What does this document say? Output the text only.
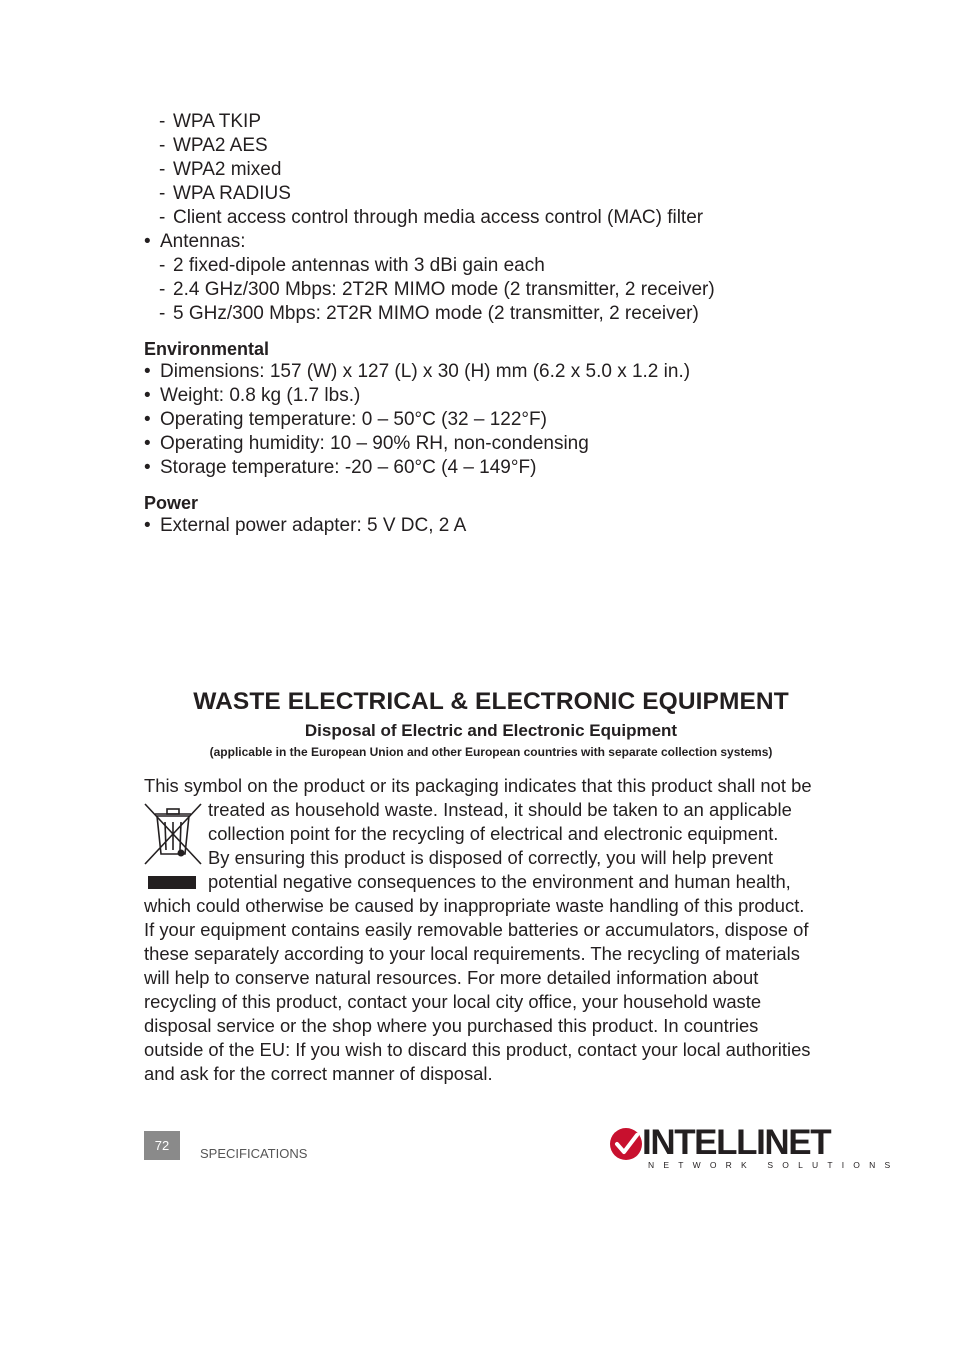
- WPA TKIP
- WPA2 AES
- WPA2 mixed
- WPA RADIUS
- Client access control through media access control (MAC) filter
• Antennas:
- 2 fixed-dipole antennas with 3 dBi gain each
- 2.4 GHz/300 Mbps: 2T2R MIMO mode (2 transmitter, 2 receiver)
- 5 GHz/300 Mbps: 2T2R MIMO mode (2 transmitter, 2 receiver)
Environmental
• Dimensions: 157 (W) x 127 (L) x 30 (H) mm (6.2 x 5.0 x 1.2 in.)
• Weight: 0.8 kg (1.7 lbs.)
• Operating temperature: 0 – 50°C (32 – 122°F)
• Operating humidity: 10 – 90% RH, non-condensing
• Storage temperature: -20 – 60°C (4 – 149°F)
Power
• External power adapter: 5 V DC, 2 A
WASTE ELECTRICAL & ELECTRONIC EQUIPMENT
Disposal of Electric and Electronic Equipment
(applicable in the European Union and other European countries with separate collection systems)
This symbol on the product or its packaging indicates that this product shall not be
treated as household waste. Instead, it should be taken to an applicable
collection point for the recycling of electrical and electronic equipment.
By ensuring this product is disposed of correctly, you will help prevent
potential negative consequences to the environment and human health,
which could otherwise be caused by inappropriate waste handling of this product.
If your equipment contains easily removable batteries or accumulators, dispose of
these separately according to your local requirements. The recycling of materials
will help to conserve natural resources. For more detailed information about
recycling of this product, contact your local city office, your household waste
disposal service or the shop where you purchased this product. In countries
outside of the EU: If you wish to discard this product, contact your local authorities
and ask for the correct manner of disposal.
72
SPECIFICATIONS	INTELLINET
NETWORK SOLUTIONS
